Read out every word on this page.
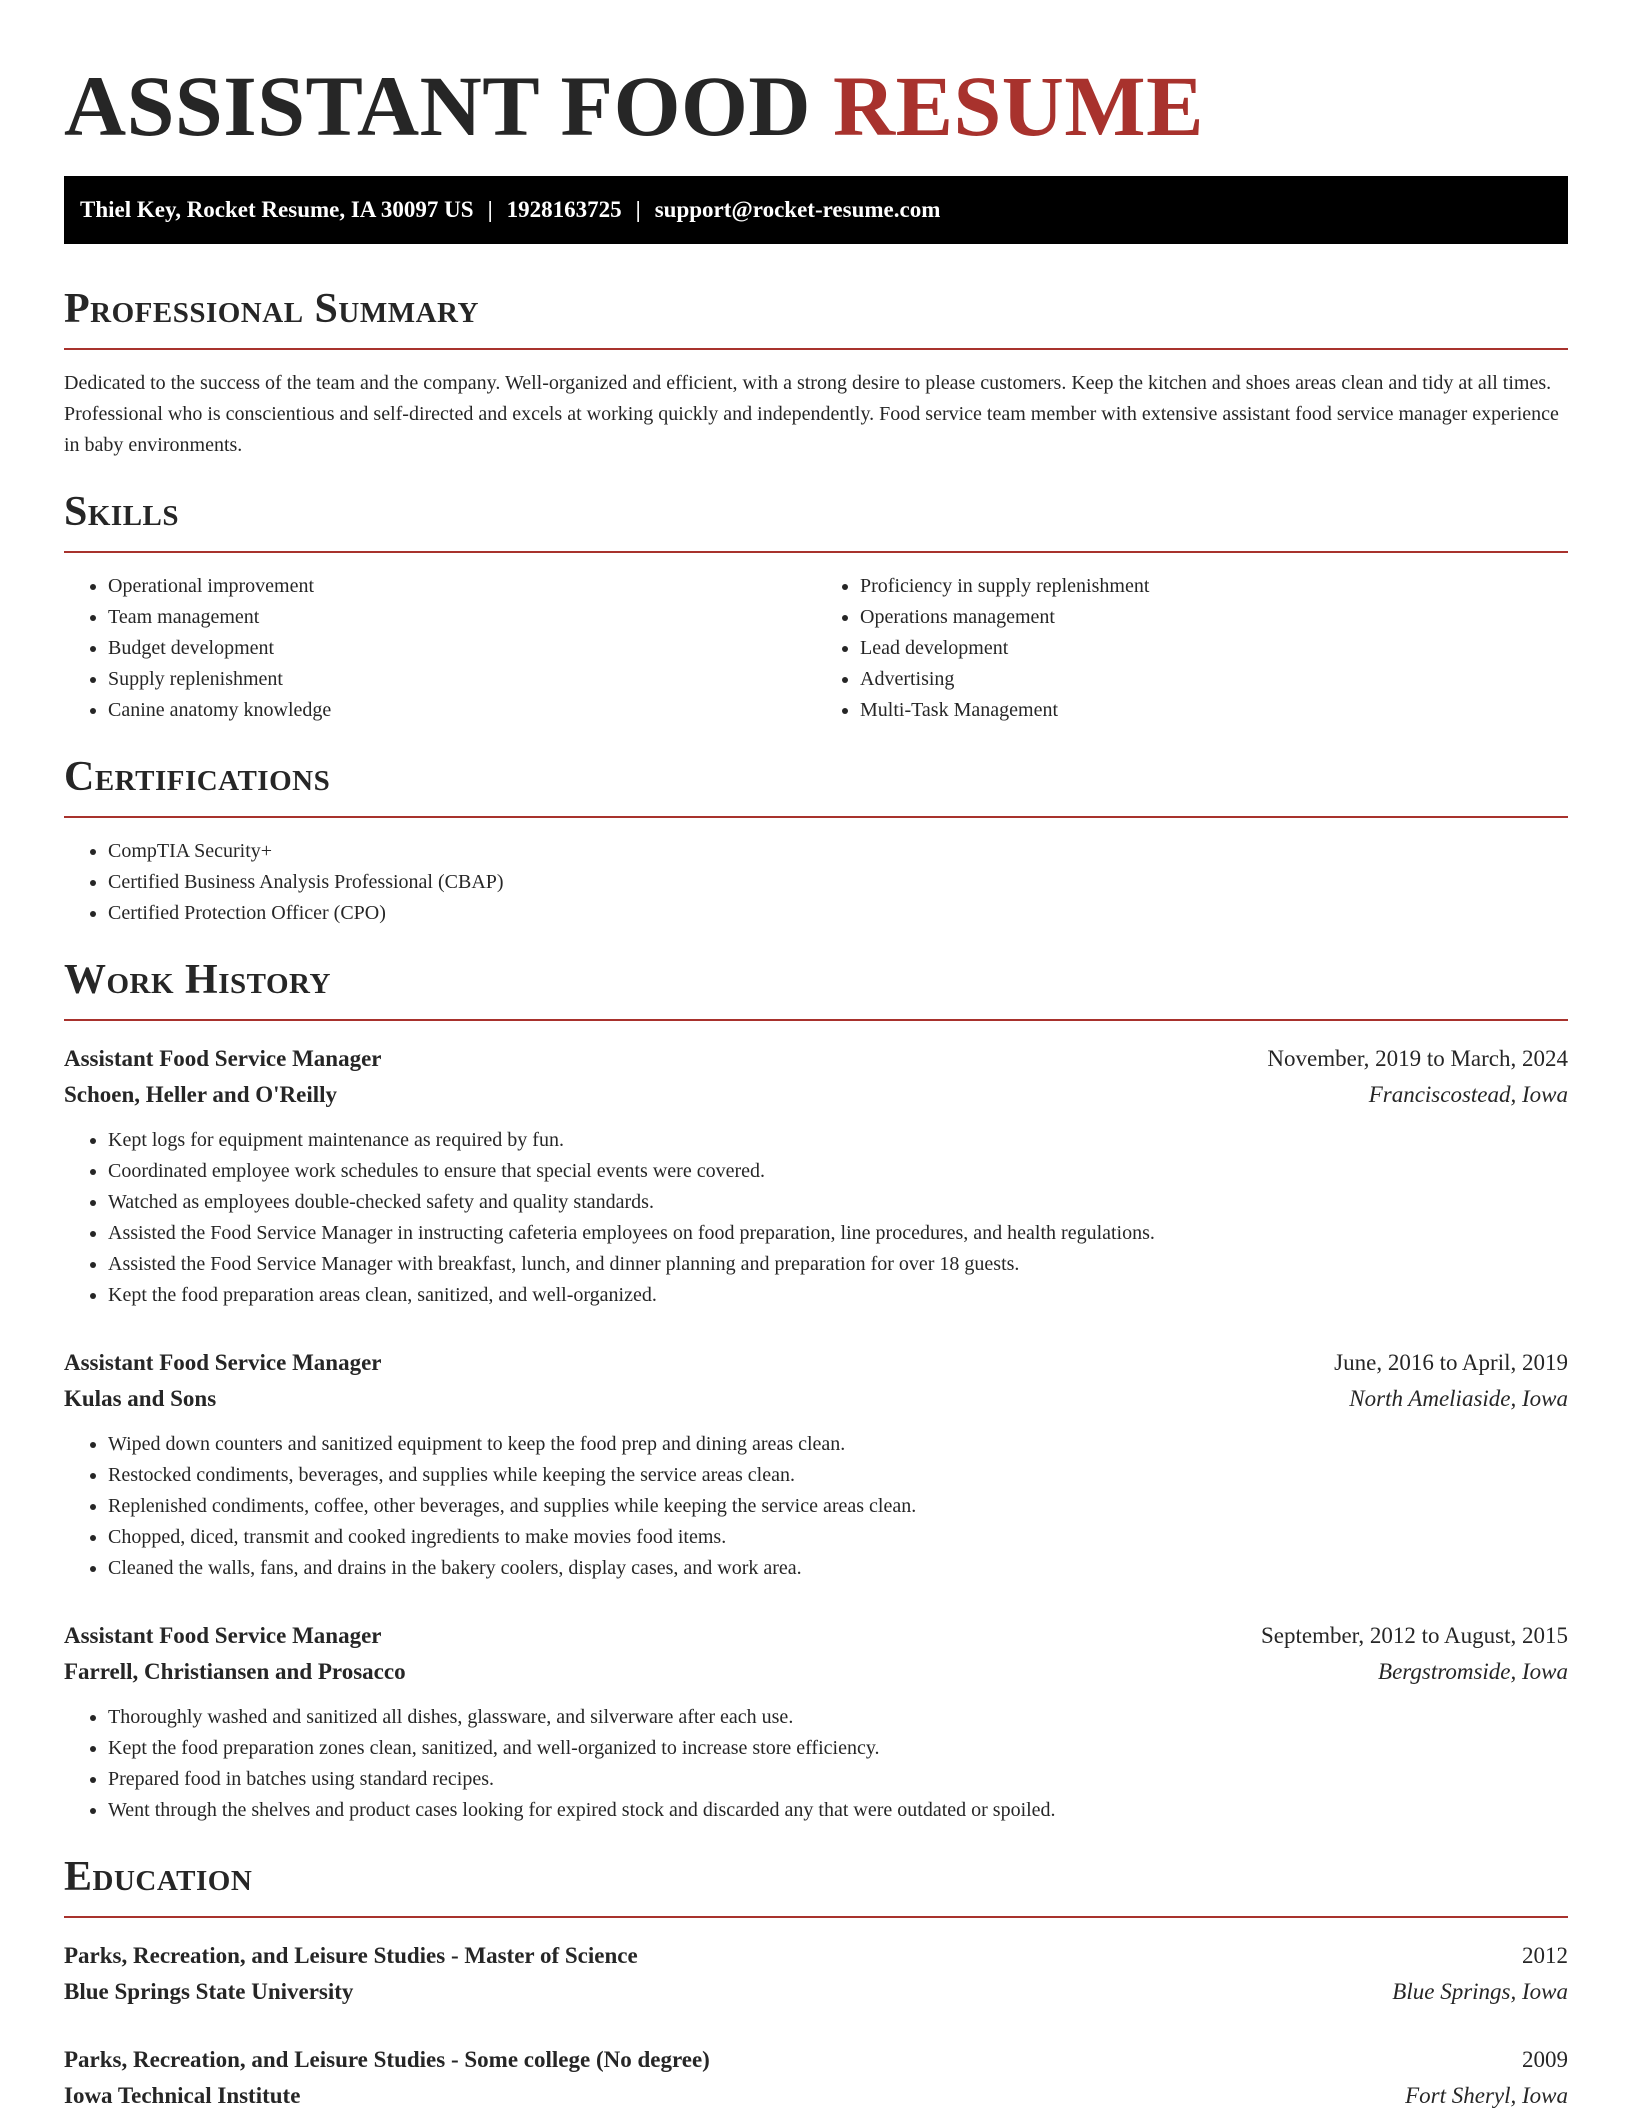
ASSISTANT FOOD RESUME
Thiel Key, Rocket Resume, IA 30097 US | 1928163725 | support@rocket-resume.com
Professional Summary

Dedicated to the success of the team and the company. Well-organized and efficient, with a strong desire to please customers. Keep the kitchen and shoes areas clean and tidy at all times. Professional who is conscientious and self-directed and excels at working quickly and independently. Food service team member with extensive assistant food service manager experience in baby environments.

Skills
• Operational improvement
• Team management
• Budget development
• Supply replenishment
• Canine anatomy knowledge
• Proficiency in supply replenishment
• Operations management
• Lead development
• Advertising
• Multi-Task Management
Certifications
• CompTIA Security+
• Certified Business Analysis Professional (CBAP)
• Certified Protection Officer (CPO)
Work History
Assistant Food Service Manager	November, 2019 to March, 2024
Schoen, Heller and O'Reilly	Franciscostead, Iowa
• Kept logs for equipment maintenance as required by fun.
• Coordinated employee work schedules to ensure that special events were covered.
• Watched as employees double-checked safety and quality standards.
• Assisted the Food Service Manager in instructing cafeteria employees on food preparation, line procedures, and health regulations.
• Assisted the Food Service Manager with breakfast, lunch, and dinner planning and preparation for over 18 guests.
• Kept the food preparation areas clean, sanitized, and well-organized.
Assistant Food Service Manager	June, 2016 to April, 2019
Kulas and Sons	North Ameliaside, Iowa
• Wiped down counters and sanitized equipment to keep the food prep and dining areas clean.
• Restocked condiments, beverages, and supplies while keeping the service areas clean.
• Replenished condiments, coffee, other beverages, and supplies while keeping the service areas clean.
• Chopped, diced, transmit and cooked ingredients to make movies food items.
• Cleaned the walls, fans, and drains in the bakery coolers, display cases, and work area.
Assistant Food Service Manager	September, 2012 to August, 2015
Farrell, Christiansen and Prosacco	Bergstromside, Iowa
• Thoroughly washed and sanitized all dishes, glassware, and silverware after each use.
• Kept the food preparation zones clean, sanitized, and well-organized to increase store efficiency.
• Prepared food in batches using standard recipes.
• Went through the shelves and product cases looking for expired stock and discarded any that were outdated or spoiled.
Education
Parks, Recreation, and Leisure Studies - Master of Science	2012
Blue Springs State University	Blue Springs, Iowa
Parks, Recreation, and Leisure Studies - Some college (No degree)	2009
Iowa Technical Institute	Fort Sheryl, Iowa
